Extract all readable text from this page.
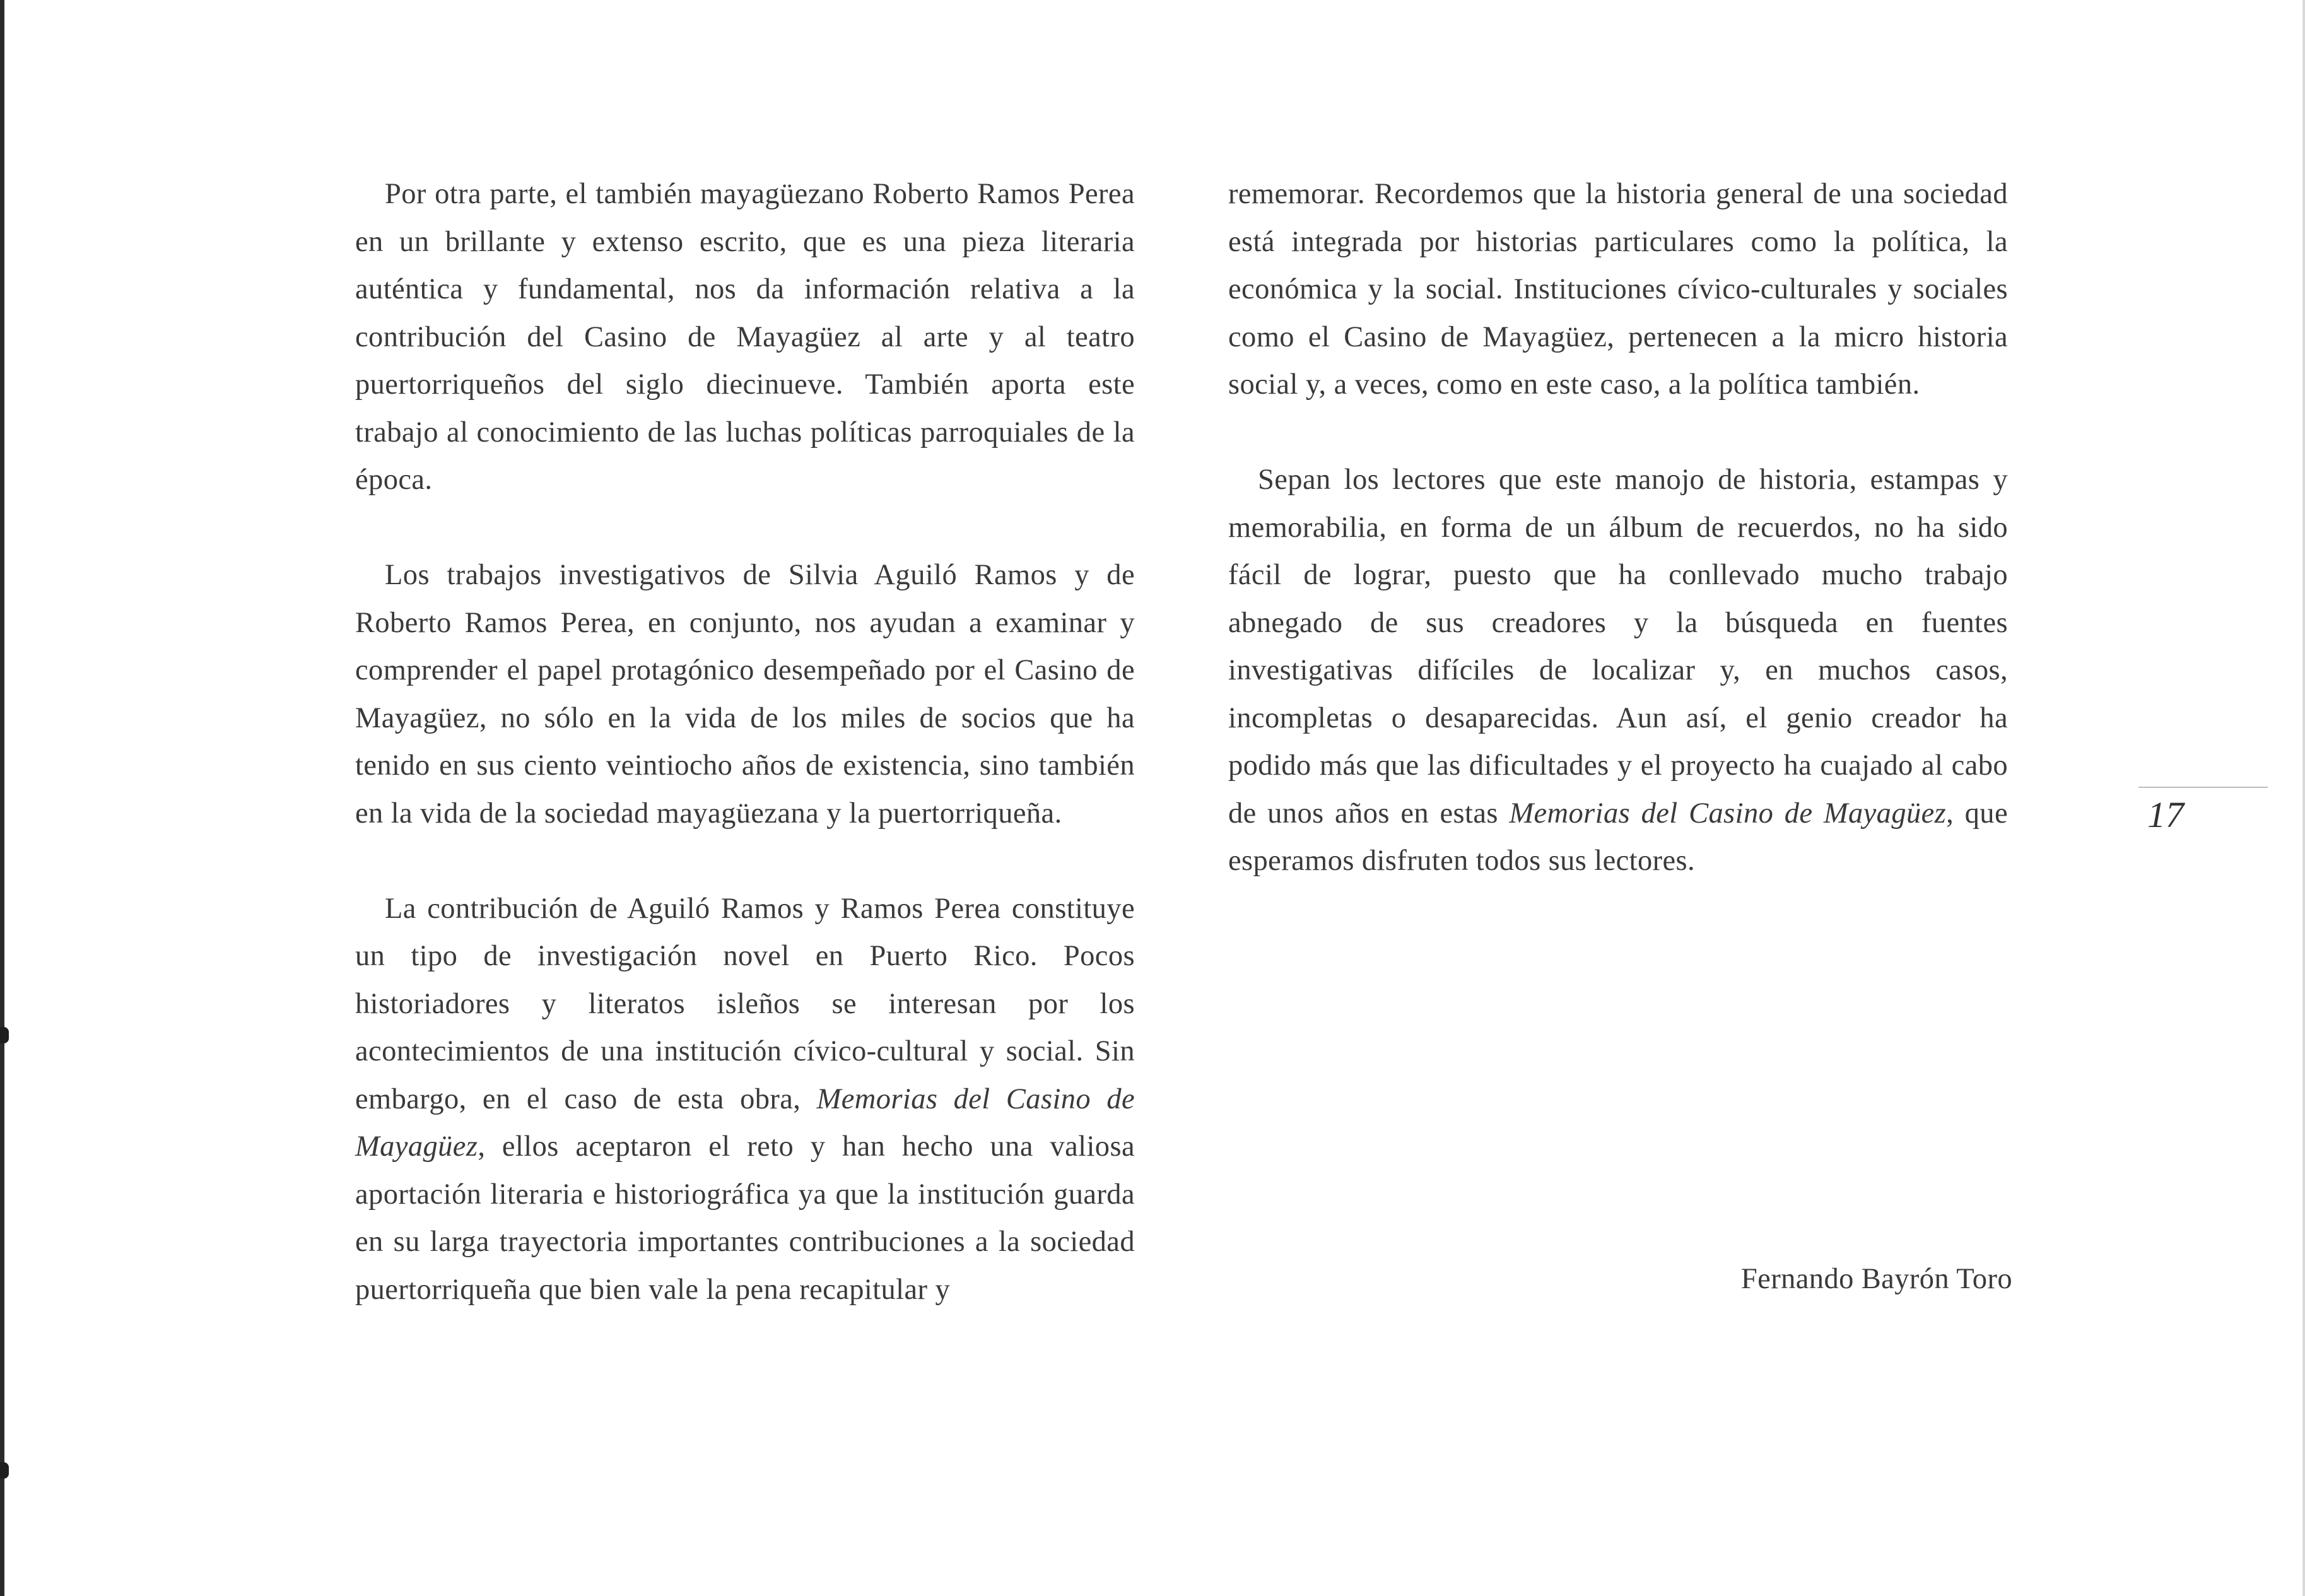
Por otra parte, el también mayagüezano Roberto Ramos Perea en un brillante y extenso escrito, que es una pieza literaria auténtica y fundamental, nos da información relativa a la contribución del Casino de Mayagüez al arte y al teatro puertorriqueños del siglo diecinueve. También aporta este trabajo al conocimiento de las luchas políticas parroquiales de la época.

Los trabajos investigativos de Silvia Aguiló Ramos y de Roberto Ramos Perea, en conjunto, nos ayudan a examinar y comprender el papel protagónico desempeñado por el Casino de Mayagüez, no sólo en la vida de los miles de socios que ha tenido en sus ciento veintiocho años de existencia, sino también en la vida de la sociedad mayagüezana y la puertorriqueña.

La contribución de Aguiló Ramos y Ramos Perea constituye un tipo de investigación novel en Puerto Rico. Pocos historiadores y literatos isleños se interesan por los acontecimientos de una institución cívico-cultural y social. Sin embargo, en el caso de esta obra, Memorias del Casino de Mayagüez, ellos aceptaron el reto y han hecho una valiosa aportación literaria e historiográfica ya que la institución guarda en su larga trayectoria importantes contribuciones a la sociedad puertorriqueña que bien vale la pena recapitular y

rememorar. Recordemos que la historia general de una sociedad está integrada por historias particulares como la política, la económica y la social. Instituciones cívico-culturales y sociales como el Casino de Mayagüez, pertenecen a la micro historia social y, a veces, como en este caso, a la política también.

Sepan los lectores que este manojo de historia, estampas y memorabilia, en forma de un álbum de recuerdos, no ha sido fácil de lograr, puesto que ha conllevado mucho trabajo abnegado de sus creadores y la búsqueda en fuentes investigativas difíciles de localizar y, en muchos casos, incompletas o desaparecidas. Aun así, el genio creador ha podido más que las dificultades y el proyecto ha cuajado al cabo de unos años en estas Memorias del Casino de Mayagüez, que esperamos disfruten todos sus lectores.

Fernando Bayrón Toro
17
